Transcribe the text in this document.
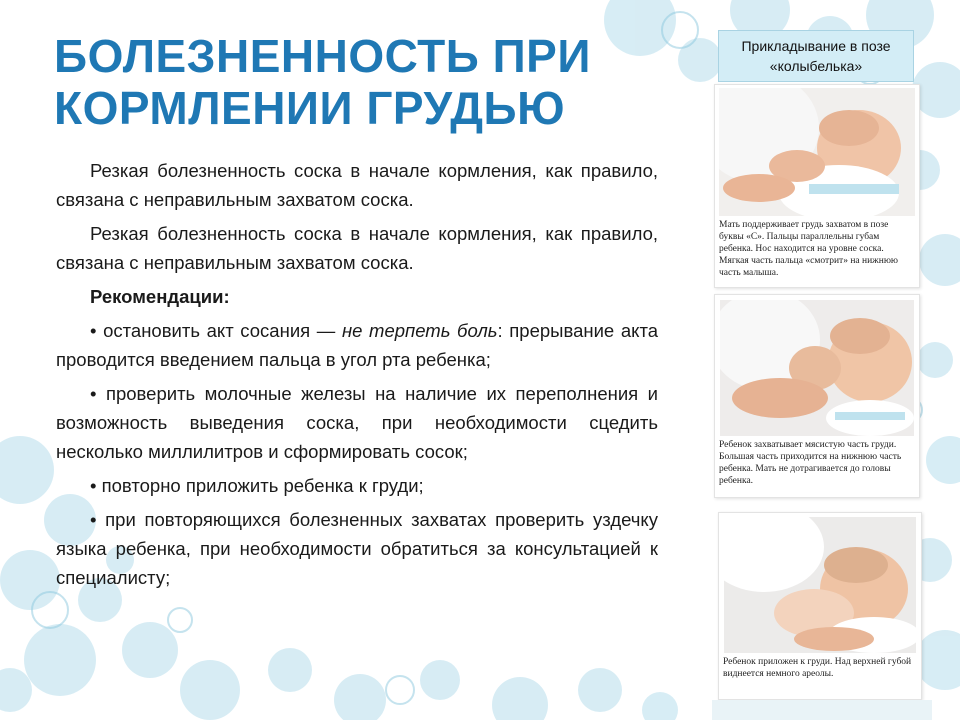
БОЛЕЗНЕННОСТЬ ПРИ КОРМЛЕНИИ ГРУДЬЮ

Резкая болезненность соска в начале кормления, как правило, связана с неправильным захватом соска.

Резкая болезненность соска в начале кормления, как правило, связана с неправильным захватом соска.

Рекомендации:

• остановить акт сосания — не терпеть боль: прерывание акта проводится введением пальца в угол рта ребенка;

• проверить молочные железы на наличие их переполнения и возможность выведения соска, при необходимости сцедить несколько миллилитров и сформировать сосок;

• повторно приложить ребенка к груди;

• при повторяющихся болезненных захватах проверить уздечку языка ребенка, при необходимости обратиться за консультацией к специалисту;

Прикладывание в позе
«колыбелька»
Мать поддерживает грудь захватом в позе буквы «С». Пальцы параллельны губам ребенка. Нос находится на уровне соска. Мягкая часть пальца «смотрит» на нижнюю часть малыша.
Ребенок захватывает мясистую часть груди. Большая часть приходится на нижнюю часть ребенка. Мать не дотрагивается до головы ребенка.
Ребенок приложен к груди. Над верхней губой виднеется немного ареолы.
